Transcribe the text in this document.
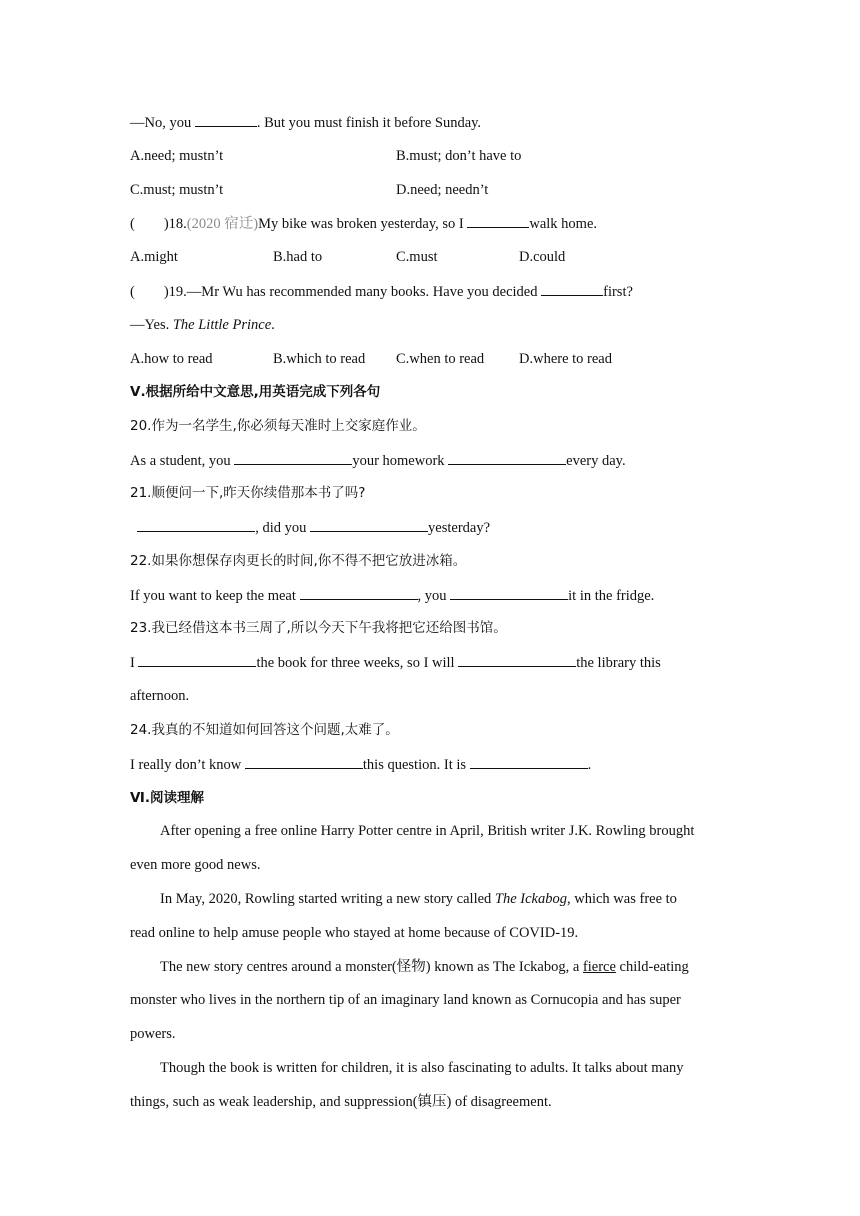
—No, you	. But you must finish it before Sunday.
A.need; mustn’t	B.must; don’t have to
C.must; mustn’t	D.need; needn’t
(        )18.(2020 宿迁)My bike was broken yesterday, so I	walk home.
A.might	B.had to	C.must	D.could
(        )19.—Mr Wu has recommended many books. Have you decided	first?
—Yes. The Little Prince.
A.how to read	B.which to read C.when to read D.where to read
Ⅴ.根据所给中文意思,用英语完成下列各句
20.作为一名学生,你必须每天准时上交家庭作业。
As a student, you	your homework	every day.
21.顺便问一下,昨天你续借那本书了吗?
, did you	yesterday?
22.如果你想保存肉更长的时间,你不得不把它放进冰箱。
If you want to keep the meat	, you	it in the fridge.
23.我已经借这本书三周了,所以今天下午我将把它还给图书馆。
I	the book for three weeks, so I will	the library this
afternoon.
24.我真的不知道如何回答这个问题,太难了。
I really don’t know	this question. It is	.
Ⅵ.阅读理解
After opening a free online Harry Potter centre in April, British writer J.K. Rowling brought
even more good news.
In May, 2020, Rowling started writing a new story called The Ickabog, which was free to
read online to help amuse people who stayed at home because of COVID-19.
The new story centres around a monster(怪物) known as The Ickabog, a fierce child-eating
monster who lives in the northern tip of an imaginary land known as Cornucopia and has super
powers.
Though the book is written for children, it is also fascinating to adults. It talks about many
things, such as weak leadership, and suppression(镇压) of disagreement.
